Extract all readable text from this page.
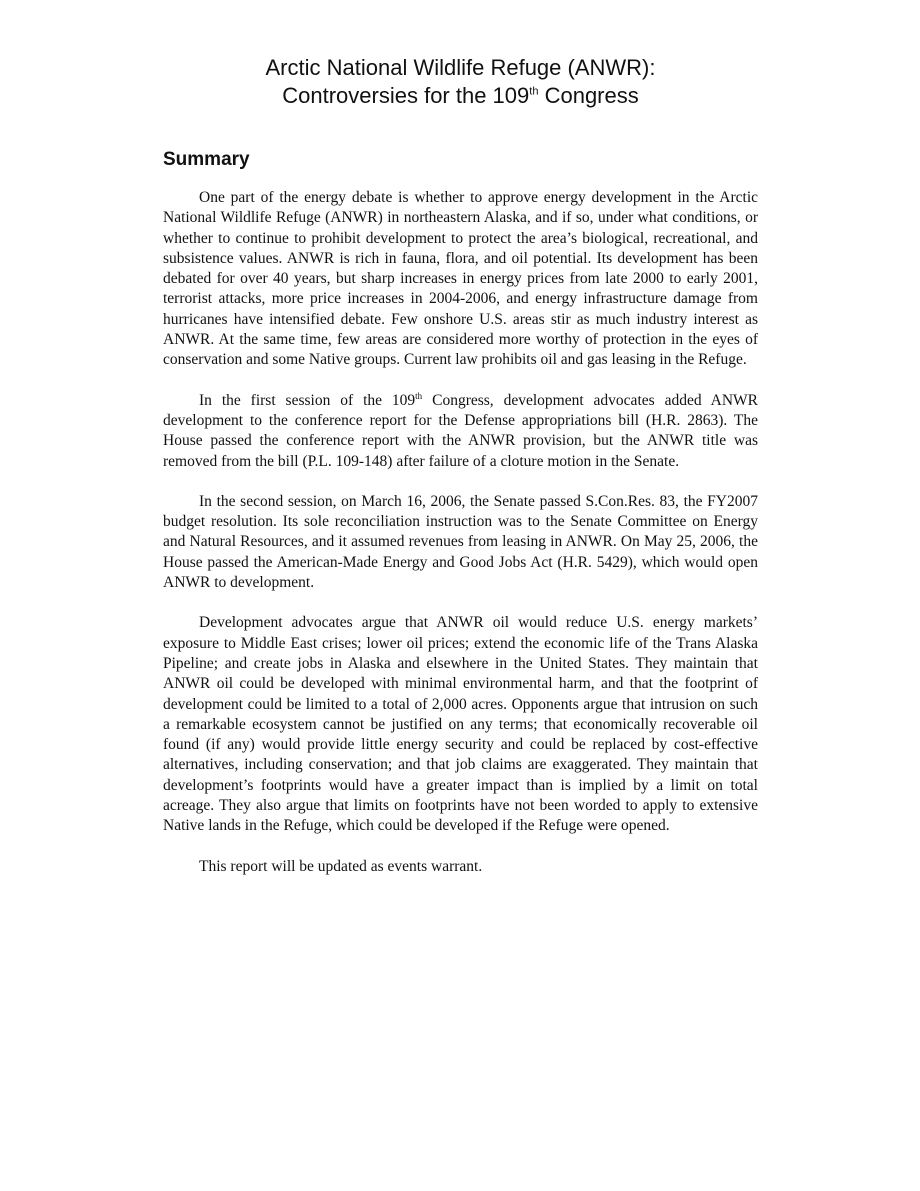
Arctic National Wildlife Refuge (ANWR):
Controversies for the 109th Congress
Summary

One part of the energy debate is whether to approve energy development in the Arctic National Wildlife Refuge (ANWR) in northeastern Alaska, and if so, under what conditions, or whether to continue to prohibit development to protect the area’s biological, recreational, and subsistence values. ANWR is rich in fauna, flora, and oil potential. Its development has been debated for over 40 years, but sharp increases in energy prices from late 2000 to early 2001, terrorist attacks, more price increases in 2004-2006, and energy infrastructure damage from hurricanes have intensified debate. Few onshore U.S. areas stir as much industry interest as ANWR. At the same time, few areas are considered more worthy of protection in the eyes of conservation and some Native groups. Current law prohibits oil and gas leasing in the Refuge.

In the first session of the 109th Congress, development advocates added ANWR development to the conference report for the Defense appropriations bill (H.R. 2863). The House passed the conference report with the ANWR provision, but the ANWR title was removed from the bill (P.L. 109-148) after failure of a cloture motion in the Senate.

In the second session, on March 16, 2006, the Senate passed S.Con.Res. 83, the FY2007 budget resolution. Its sole reconciliation instruction was to the Senate Committee on Energy and Natural Resources, and it assumed revenues from leasing in ANWR. On May 25, 2006, the House passed the American-Made Energy and Good Jobs Act (H.R. 5429), which would open ANWR to development.

Development advocates argue that ANWR oil would reduce U.S. energy markets’ exposure to Middle East crises; lower oil prices; extend the economic life of the Trans Alaska Pipeline; and create jobs in Alaska and elsewhere in the United States. They maintain that ANWR oil could be developed with minimal environmental harm, and that the footprint of development could be limited to a total of 2,000 acres. Opponents argue that intrusion on such a remarkable ecosystem cannot be justified on any terms; that economically recoverable oil found (if any) would provide little energy security and could be replaced by cost-effective alternatives, including conservation; and that job claims are exaggerated. They maintain that development’s footprints would have a greater impact than is implied by a limit on total acreage. They also argue that limits on footprints have not been worded to apply to extensive Native lands in the Refuge, which could be developed if the Refuge were opened.

This report will be updated as events warrant.
